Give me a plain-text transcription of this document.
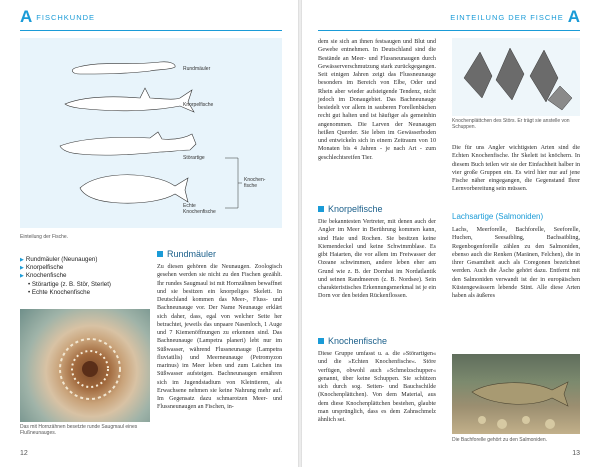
A FISCHKUNDE
Rundmäuler
Knorpelfische
Störartige
Echte Knochenfische
Knochen-fische
Einteilung der Fische.
▶ Rundmäuler (Neunaugen)
▶ Knorpelfische
▶ Knochenfische
• Störartige (z. B. Stör, Sterlet)
• Echte Knochenfische
Das mit Hornzähnen besetzte runde Saugmaul eines Flußneunauges.
Rundmäuler
Zu diesen gehören die Neunaugen. Zoologisch gesehen werden sie nicht zu den Fischen gezählt. Ihr rundes Saugmaul ist mit Hornzähnen bewaffnet und sie besitzen ein knorpeliges Skelett. In Deutschland kommen das Meer-, Fluss- und Bachneunauge vor. Der Name Neunauge erklärt sich daher, dass, egal von welcher Seite her betrachtet, jeweils das unpaare Nasenloch, 1 Auge und 7 Kiemenöffnungen zu erkennen sind. Das Bachneunauge (Lampetra planeri) lebt nur im Süßwasser, während Flussneunauge (Lampetra fluviatilis) und Meerneunauge (Petromyzon marinus) im Meer leben und zum Laichen ins Süßwasser aufsteigen. Bachneunaugen ernähren sich im Jugendstadium von Kleintieren, als Erwachsene nehmen sie keine Nahrung mehr auf. Im Gegensatz dazu schmarotzen Meer- und Flussneunaugen an Fischen, in-
12
EINTEILUNG DER FISCHE A
13
dem sie sich an ihnen festsaugen und Blut und Gewebe entnehmen. In Deutschland sind die Bestände an Meer- und Flussneunaugen durch Gewässerverschmutzung stark zurückgegangen. Seit einigen Jahren zeigt das Flussneunauge besonders im Bereich von Elbe, Oder und Rhein aber wieder aufsteigende Tendenz, nicht jedoch im Donaugebiet. Das Bachneunauge besiedelt vor allem in sauberen Forellenbächen recht gut halten und ist häufiger als gemeinhin angenommen. Die Larven der Neunaugen heißen Querder. Sie leben im Gewässerboden und entwickeln sich in einem Zeitraum von 10 Monaten bis 4 Jahren - je nach Art - zum geschlechtsreifen Tier.
Knorpelfische
Die bekanntesten Vertreter, mit denen auch der Angler im Meer in Berührung kommen kann, sind Haie und Rochen. Sie besitzen keine Kiemendeckel und keine Schwimmblase. Es gibt Haiarten, die vor allem im Freiwasser der Ozeane schwimmen, andere leben eher am Grund wie z. B. der Dornhai im Nordatlantik und seinen Randmeeren (z. B. Nordsee). Sein charakteristisches Erkennungsmerkmal ist je ein Dorn vor den beiden Rückenflossen.
Knochenfische
Diese Gruppe umfasst u. a. die »Störartigen« und die »Echten Knochenfische«. Störe verfügen, obwohl auch »Schmelzschupper« genannt, über keine Schuppen. Sie schützen sich durch sog. Seiten- und Bauchschilde (Knochenplättchen). Von dem Material, aus dem diese Knochenplättchen bestehen, glaubte man ursprünglich, dass es dem Zahnschmelz ähnlich sei.
Knochenplättchen des Störs. Er trägt sie anstelle von Schuppen.
Die für uns Angler wichtigsten Arten sind die Echten Knochenfische. Ihr Skelett ist knöchern. In diesem Buch teilen wir sie der Einfachheit halber in vier große Gruppen ein. Es wird hier nur auf jene Fische näher eingegangen, die Gegenstand Ihrer Lernvorbereitung sein müssen.
Lachsartige (Salmoniden)
Lachs, Meerforelle, Bachforelle, Seeforelle, Huchen, Seesaibling, Bachsaibling, Regenbogenforelle zählen zu den Salmoniden, ebenso auch die Renken (Maränen, Felchen), die in ihrer Gesamtheit auch als Coregonen bezeichnet werden. Auch die Äsche gehört dazu. Entfernt mit den Salmoniden verwandt ist der in europäischen Küstengewässern lebende Stint. Alle diese Arten haben als äußeres
Die Bachforelle gehört zu den Salmoniden.
